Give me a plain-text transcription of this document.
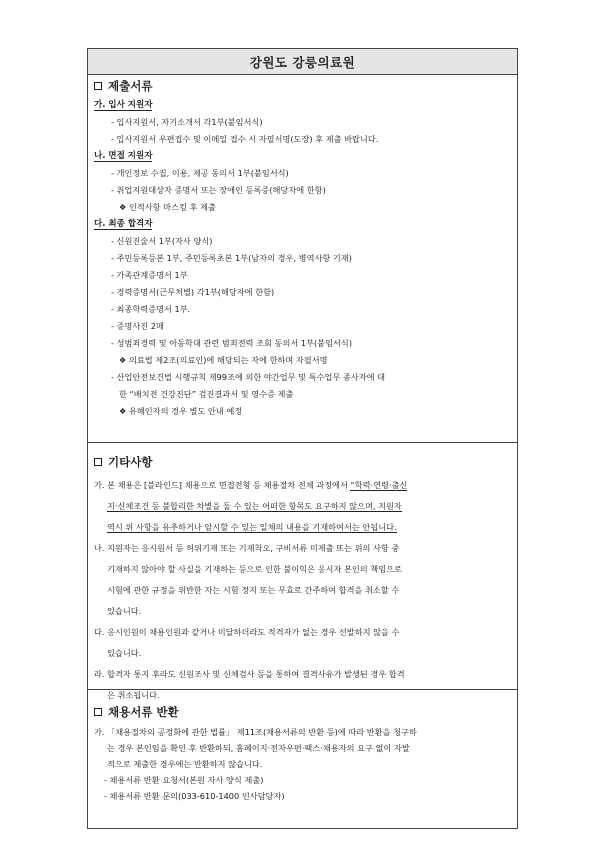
강원도 강릉의료원
제출서류
가. 입사 지원자
- 입사지원서, 자기소개서 각1부(붙임서식)
- 입사지원서 우편접수 및 이메일 접수 시 자필서명(도장) 후 제출 바랍니다.
나. 면접 지원자
- 개인정보 수집, 이용, 제공 동의서 1부(붙임서식)
- 취업지원대상자 증명서 또는 장애인 등록증(해당자에 한함)
❖ 인적사항 마스킹 후 제출
다. 최종 합격자
- 신원진술서 1부(자사 양식)
- 주민등록등본 1부, 주민등록초본 1부(남자의 경우, 병역사항 기재)
- 가족관계증명서 1부
- 경력증명서(근무처별) 각1부(해당자에 한함)
- 최종학력증명서 1부.
- 증명사진 2매
- 성범죄경력 및 아동학대 관련 범죄전력 조회 동의서 1부(붙임서식)
❖ 의료법 제2조(의료인)에 해당되는 자에 한하며 자필서명
- 산업안전보건법 시행규칙 제99조에 의한 야간업무 및 특수업무 종사자에 대
한 “배치전 건강진단” 검진결과서 및 영수증 제출
❖ 유해인자의 경우 별도 안내 예정
기타사항
가. 본 채용은 [블라인드] 채용으로 면접전형 등 채용절차 전체 과정에서 “학력·연령·출신
지·신체조건 등 불합리한 차별을 둘 수 있는 어떠한 항목도 요구하지 않으며, 지원자
역시 위 사항을 유추하거나 암시할 수 있는 일체의 내용을 기재하여서는 안됩니다.
나. 지원자는 응시원서 등 허위기재 또는 기재착오, 구비서류 미제출 또는 위의 사항 중
기재하지 않아야 할 사실을 기재하는 등으로 인한 불이익은 응시자 본인의 책임으로
시험에 관한 규정을 위반한 자는 시험 정지 또는 무효로 간주하여 합격을 취소할 수
있습니다.
다. 응시인원이 채용인원과 같거나 미달하더라도 적격자가 없는 경우 선발하지 않을 수
있습니다.
라. 합격자 통지 후라도 신원조사 및 신체검사 등을 통하여 결격사유가 발생된 경우 합격
은 취소됩니다.
채용서류 반환
가. 「채용절차의 공정화에 관한 법률」 제11조(채용서류의 반환 등)에 따라 반환을 청구하
는 경우 본인임을 확인 후 반환하되, 홈페이지·전자우편·팩스·채용자의 요구 없이 자발
적으로 제출한 경우에는 반환하지 않습니다.
- 채용서류 반환 요청서(본원 자사 양식 제출)
- 채용서류 반환 문의(033-610-1400 인사담당자)
